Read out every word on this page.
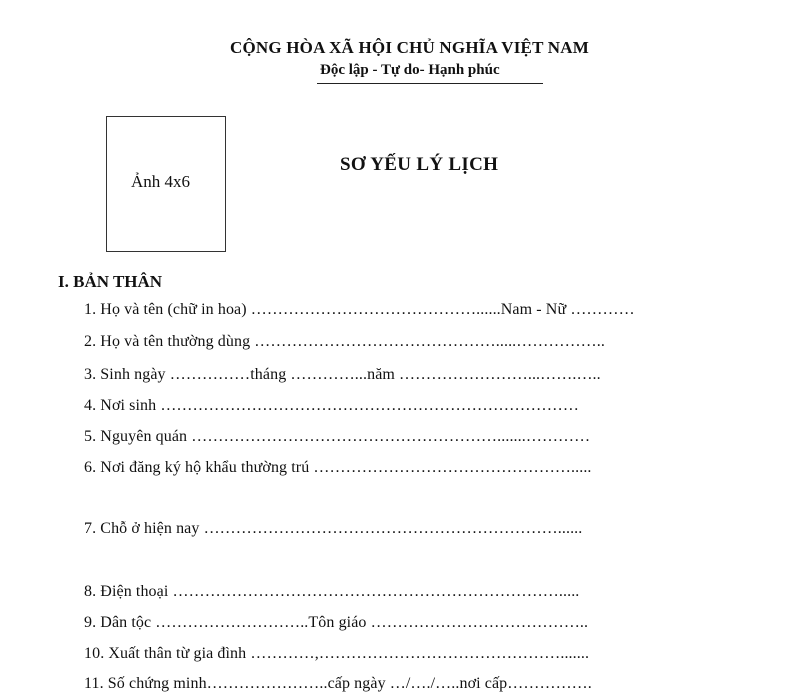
CỘNG HÒA XÃ HỘI CHỦ NGHĨA VIỆT NAM
Độc lập - Tự do- Hạnh phúc
Ảnh 4x6
SƠ YẾU LÝ LỊCH
I. BẢN THÂN
1. Họ và tên (chữ in hoa) ……………………………………......Nam - Nữ …………
2. Họ và tên thường dùng ……………………………………….....……………..
3. Sinh ngày ……………tháng …………...năm ……………………...…….…..
4. Nơi sinh ……………………………………………………………………
5. Nguyên quán ………………………………………………….......…………
6. Nơi đăng ký hộ khẩu thường trú ………………………………………….....
7. Chỗ ở hiện nay …………………………………………………………......
8. Điện thoại ……………………………………………………………….....
9. Dân tộc ………………………..Tôn giáo …………………………………..
10. Xuất thân từ gia đình …………,……………………………………….......
11. Số chứng minh…………………..cấp ngày …/…./…..nơi cấp…………….
